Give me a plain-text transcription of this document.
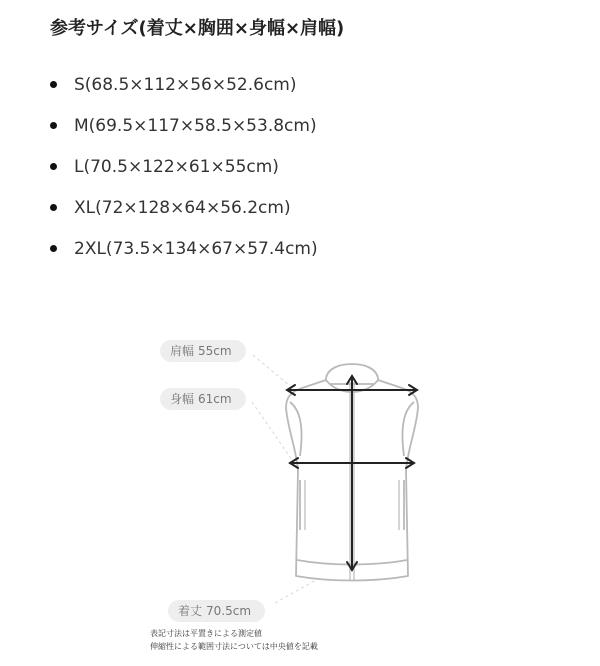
参考サイズ(着丈×胸囲×身幅×肩幅)
S(68.5×112×56×52.6cm)
M(69.5×117×58.5×53.8cm)
L(70.5×122×61×55cm)
XL(72×128×64×56.2cm)
2XL(73.5×134×67×57.4cm)
肩幅 55cm
身幅 61cm
着丈 70.5cm
表記寸法は平置きによる測定値
伸縮性による範囲寸法については中央値を記載
